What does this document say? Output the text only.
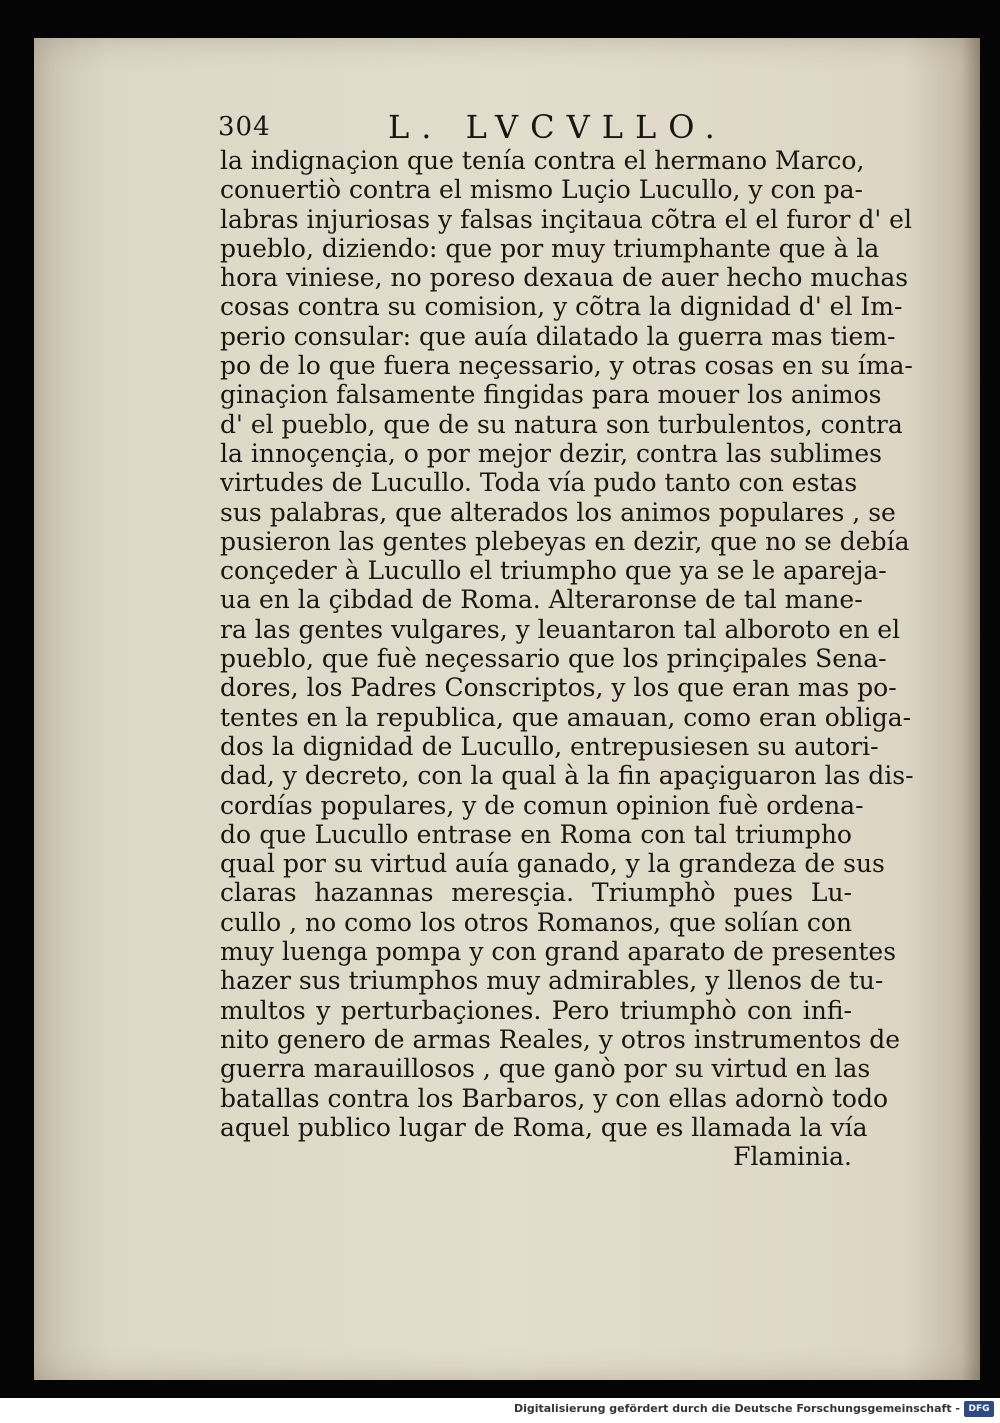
304	L. LVCVLLO.
la indignaçion que tenía contra el hermano Marco,
conuertiò contra el mismo Luçio Lucullo, y con pa-
labras injuriosas y falsas inçitaua cõtra el el furor d' el
pueblo, diziendo: que por muy triumphante que à la
hora viniese, no poreso dexaua de auer hecho muchas
cosas contra su comision, y cõtra la dignidad d' el Im-
perio consular: que auía dilatado la guerra mas tiem-
po de lo que fuera neçessario, y otras cosas en su íma-
ginaçion falsamente fingidas para mouer los animos
d' el pueblo, que de su natura son turbulentos, contra
la innoçençia, o por mejor dezir, contra las sublimes
virtudes de Lucullo. Toda vía pudo tanto con estas
sus palabras, que alterados los animos populares , se
pusieron las gentes plebeyas en dezir, que no se debía
conçeder à Lucullo el triumpho que ya se le apareja-
ua en la çibdad de Roma. Alteraronse de tal mane-
ra las gentes vulgares, y leuantaron tal alboroto en el
pueblo, que fuè neçessario que los prinçipales Sena-
dores, los Padres Conscriptos, y los que eran mas po-
tentes en la republica, que amauan, como eran obliga-
dos la dignidad de Lucullo, entrepusiesen su autori-
dad, y decreto, con la qual à la fin apaçiguaron las dis-
cordías populares, y de comun opinion fuè ordena-
do que Lucullo entrase en Roma con tal triumpho
qual por su virtud auía ganado, y la grandeza de sus
claras hazannas meresçia. Triumphò pues Lu-
cullo , no como los otros Romanos, que solían con
muy luenga pompa y con grand aparato de presentes
hazer sus triumphos muy admirables, y llenos de tu-
multos y perturbaçiones. Pero triumphò con infi-
nito genero de armas Reales, y otros instrumentos de
guerra marauillosos , que ganò por su virtud en las
batallas contra los Barbaros, y con ellas adornò todo
aquel publico lugar de Roma, que es llamada la vía
Flaminia.
Digitalisierung gefördert durch die Deutsche Forschungsgemeinschaft - DFG
